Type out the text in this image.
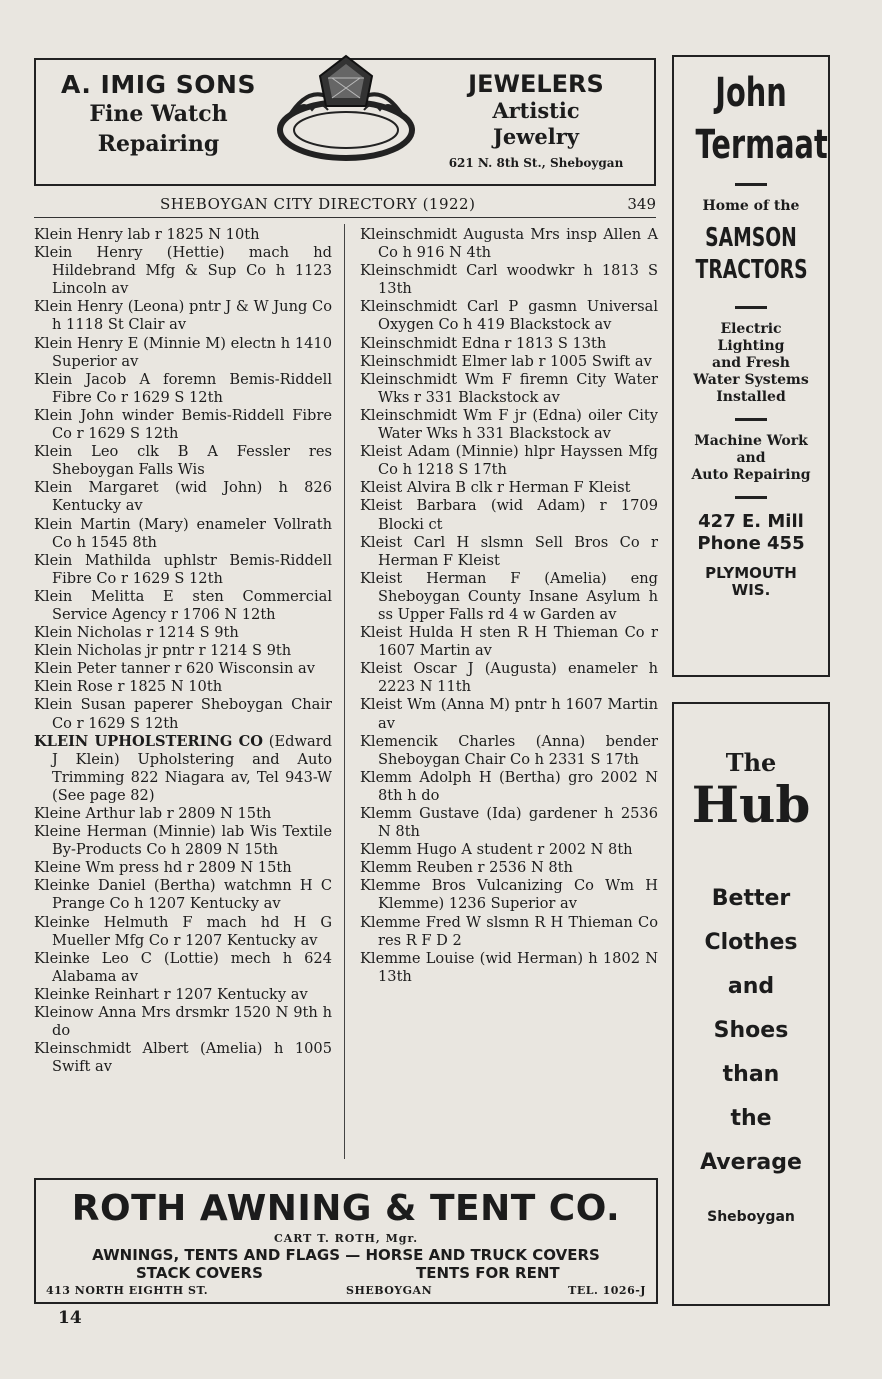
A. IMIG SONS
Fine Watch
Repairing
JEWELERS
Artistic
Jewelry
621 N. 8th St., Sheboygan
SHEBOYGAN CITY DIRECTORY (1922)	349

Klein Henry lab r 1825 N 10th

Klein Henry (Hettie) mach hd Hildebrand Mfg & Sup Co h 1123 Lincoln av

Klein Henry (Leona) pntr J & W Jung Co h 1118 St Clair av

Klein Henry E (Minnie M) electn h 1410 Superior av

Klein Jacob A foremn Bemis-Riddell Fibre Co r 1629 S 12th

Klein John winder Bemis-Riddell Fibre Co r 1629 S 12th

Klein Leo clk B A Fessler res Sheboygan Falls Wis

Klein Margaret (wid John) h 826 Kentucky av

Klein Martin (Mary) enameler Vollrath Co h 1545 8th

Klein Mathilda uphlstr Bemis-Riddell Fibre Co r 1629 S 12th

Klein Melitta E sten Commercial Service Agency r 1706 N 12th

Klein Nicholas r 1214 S 9th

Klein Nicholas jr pntr r 1214 S 9th

Klein Peter tanner r 620 Wisconsin av

Klein Rose r 1825 N 10th

Klein Susan paperer Sheboygan Chair Co r 1629 S 12th

KLEIN UPHOLSTERING CO (Edward J Klein) Upholstering and Auto Trimming 822 Niagara av, Tel 943-W (See page 82)

Kleine Arthur lab r 2809 N 15th

Kleine Herman (Minnie) lab Wis Textile By-Products Co h 2809 N 15th

Kleine Wm press hd r 2809 N 15th

Kleinke Daniel (Bertha) watchmn H C Prange Co h 1207 Kentucky av

Kleinke Helmuth F mach hd H G Mueller Mfg Co r 1207 Kentucky av

Kleinke Leo C (Lottie) mech h 624 Alabama av

Kleinke Reinhart r 1207 Kentucky av

Kleinow Anna Mrs drsmkr 1520 N 9th h do

Kleinschmidt Albert (Amelia) h 1005 Swift av

Kleinschmidt Augusta Mrs insp Allen A Co h 916 N 4th

Kleinschmidt Carl woodwkr h 1813 S 13th

Kleinschmidt Carl P gasmn Universal Oxygen Co h 419 Blackstock av

Kleinschmidt Edna r 1813 S 13th

Kleinschmidt Elmer lab r 1005 Swift av

Kleinschmidt Wm F firemn City Water Wks r 331 Blackstock av

Kleinschmidt Wm F jr (Edna) oiler City Water Wks h 331 Blackstock av

Kleist Adam (Minnie) hlpr Hayssen Mfg Co h 1218 S 17th

Kleist Alvira B clk r Herman F Kleist

Kleist Barbara (wid Adam) r 1709 Blocki ct

Kleist Carl H slsmn Sell Bros Co r Herman F Kleist

Kleist Herman F (Amelia) eng Sheboygan County Insane Asylum h ss Upper Falls rd 4 w Garden av

Kleist Hulda H sten R H Thieman Co r 1607 Martin av

Kleist Oscar J (Augusta) enameler h 2223 N 11th

Kleist Wm (Anna M) pntr h 1607 Martin av

Klemencik Charles (Anna) bender Sheboygan Chair Co h 2331 S 17th

Klemm Adolph H (Bertha) gro 2002 N 8th h do

Klemm Gustave (Ida) gardener h 2536 N 8th

Klemm Hugo A student r 2002 N 8th

Klemm Reuben r 2536 N 8th

Klemme Bros Vulcanizing Co Wm H Klemme) 1236 Superior av

Klemme Fred W slsmn R H Thieman Co res R F D 2

Klemme Louise (wid Herman) h 1802 N 13th

ROTH AWNING & TENT CO.
CART T. ROTH, Mgr.
AWNINGS, TENTS AND FLAGS — HORSE AND TRUCK COVERS
STACK COVERS	TENTS FOR RENT
413 NORTH EIGHTH ST.	SHEBOYGAN	TEL. 1026-J
14
John
Termaat
Home of the
SAMSON
TRACTORS
Electric
Lighting
and Fresh
Water Systems
Installed
Machine Work
and
Auto Repairing
427 E. Mill
Phone 455
PLYMOUTH
WIS.
The
Hub
Better
Clothes
and
Shoes
than
the
Average
Sheboygan
